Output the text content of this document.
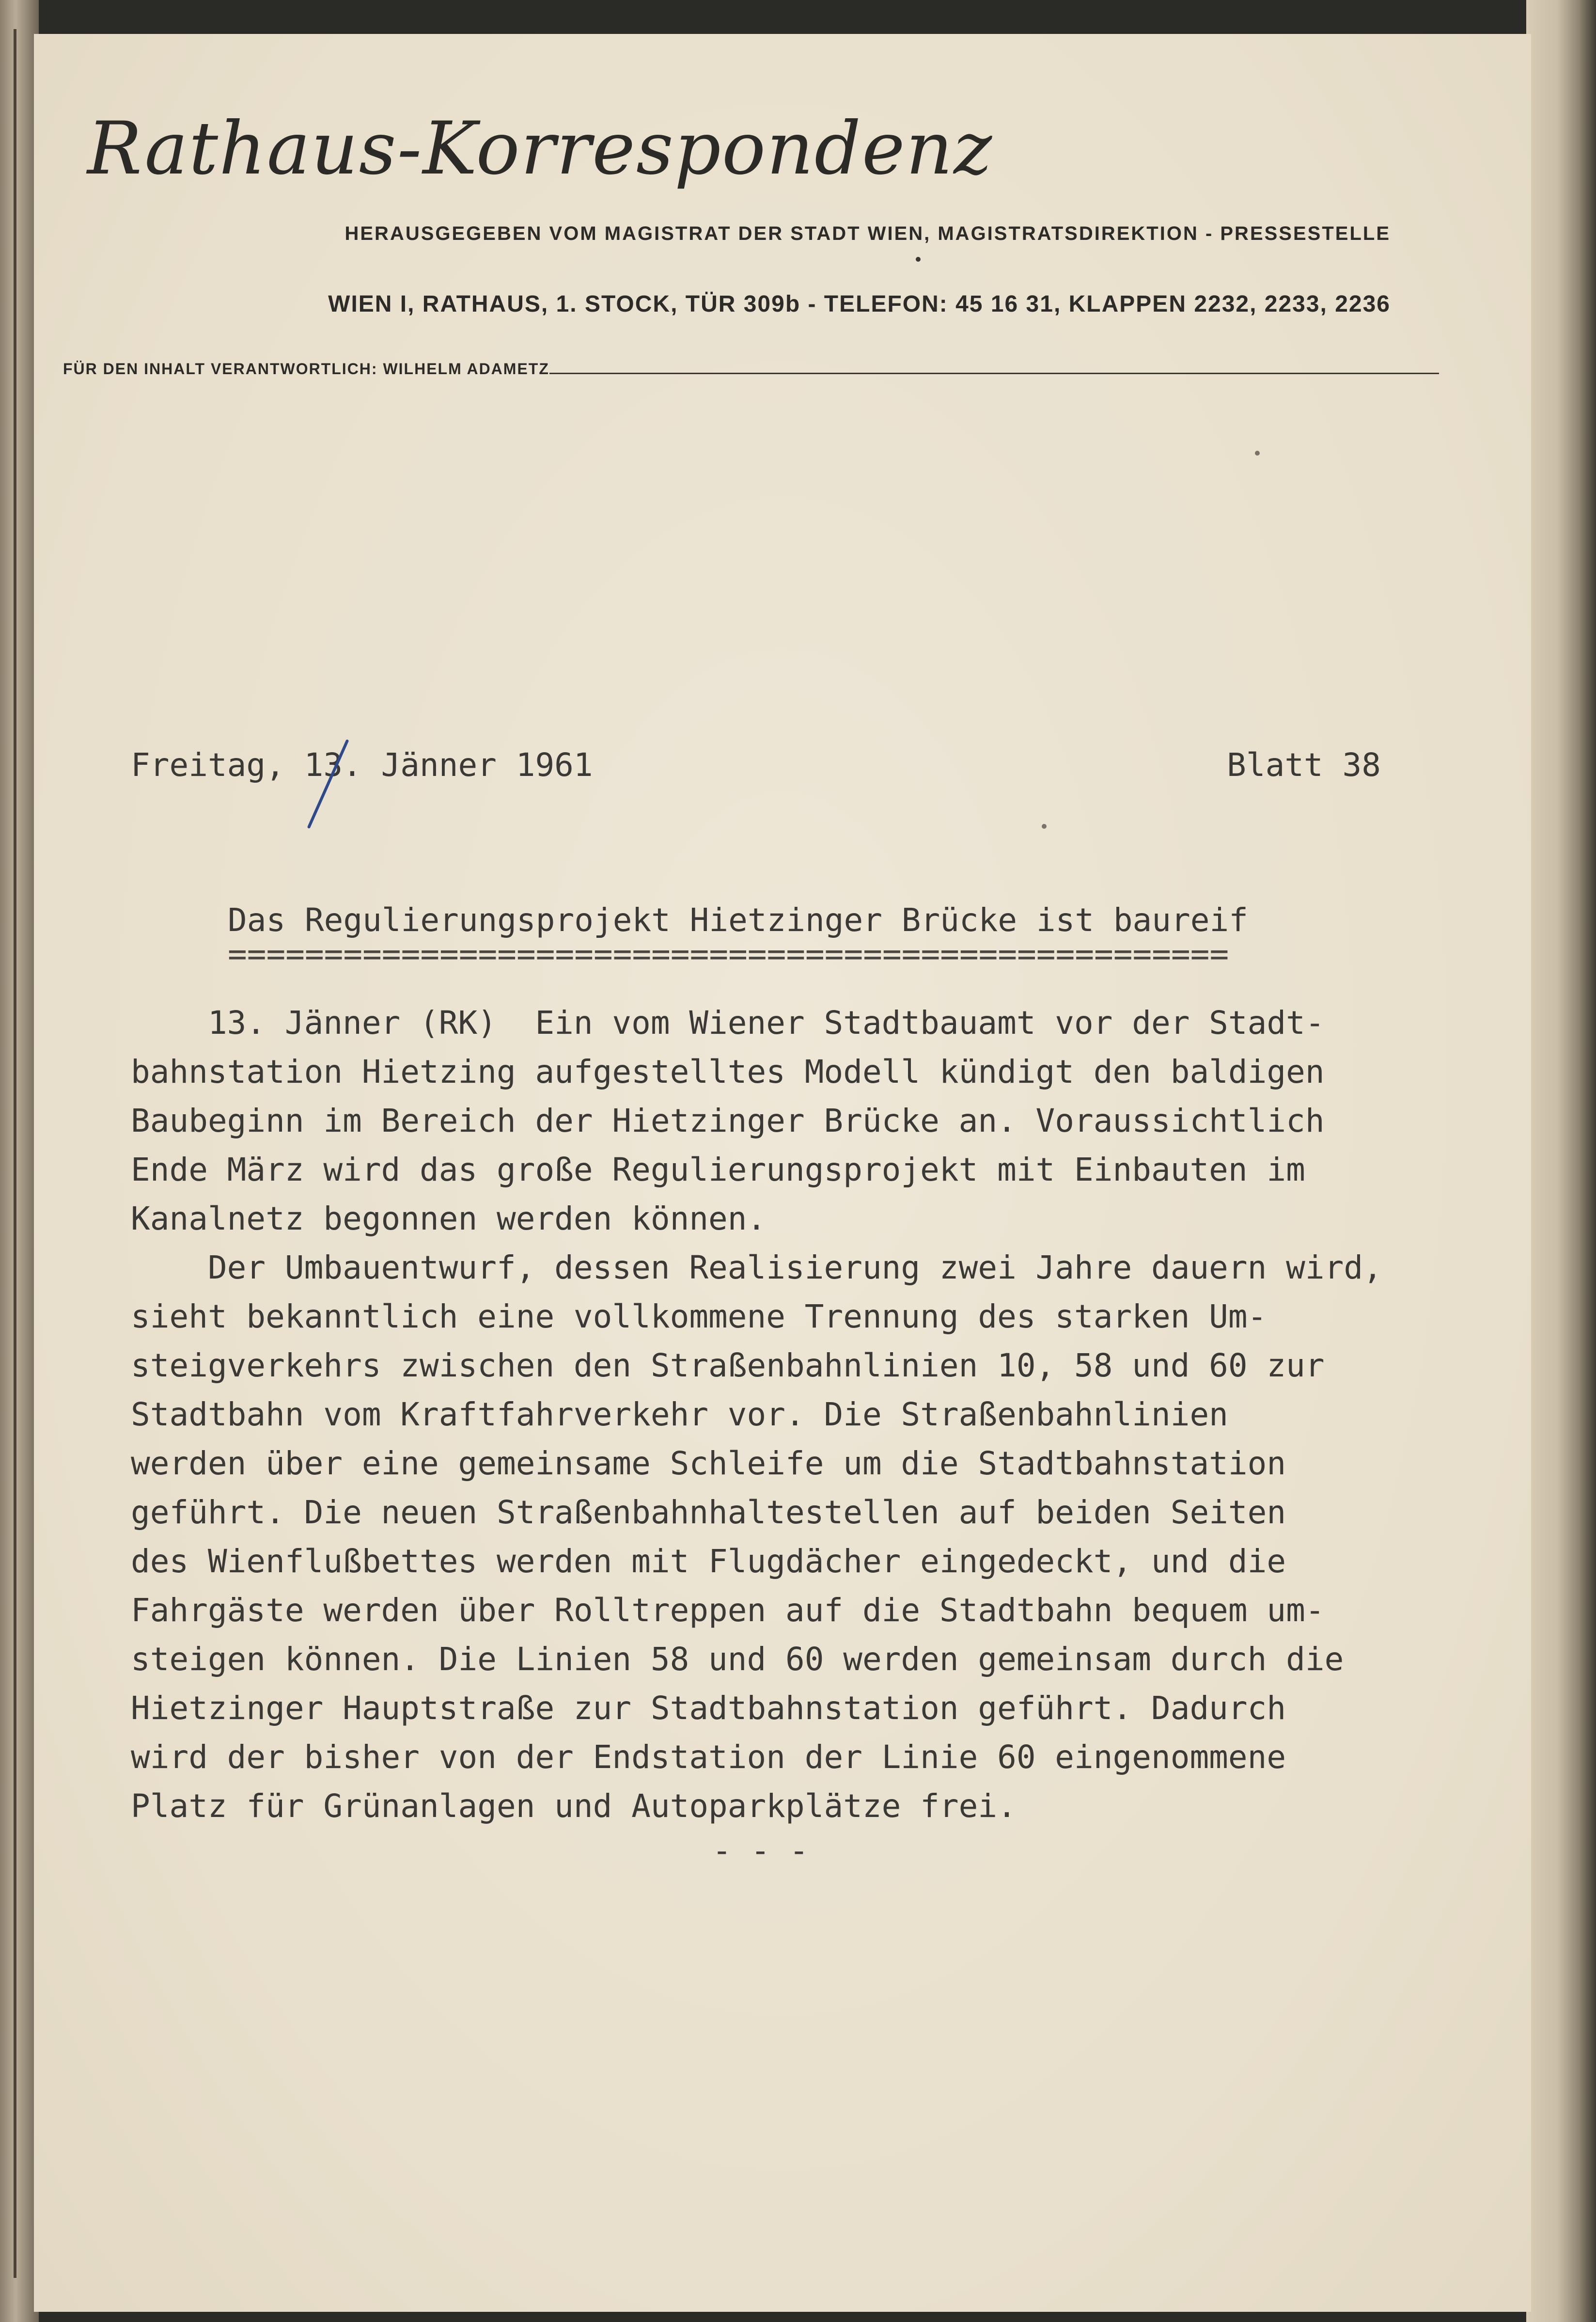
Rathaus-Korrespondenz
HERAUSGEGEBEN VOM MAGISTRAT DER STADT WIEN, MAGISTRATSDIREKTION - PRESSESTELLE
WIEN I, RATHAUS, 1. STOCK, TÜR 309b - TELEFON: 45 16 31, KLAPPEN 2232, 2233, 2236
FÜR DEN INHALT VERANTWORTLICH: WILHELM ADAMETZ
Freitag, 13. Jänner 1961	Blatt 38
Das Regulierungsprojekt Hietzinger Brücke ist baureif
====================================================
13. Jänner (RK)  Ein vom Wiener Stadtbauamt vor der Stadt-
bahnstation Hietzing aufgestelltes Modell kündigt den baldigen
Baubeginn im Bereich der Hietzinger Brücke an. Voraussichtlich
Ende März wird das große Regulierungsprojekt mit Einbauten im
Kanalnetz begonnen werden können.
Der Umbauentwurf, dessen Realisierung zwei Jahre dauern wird,
sieht bekanntlich eine vollkommene Trennung des starken Um-
steigverkehrs zwischen den Straßenbahnlinien 10, 58 und 60 zur
Stadtbahn vom Kraftfahrverkehr vor. Die Straßenbahnlinien
werden über eine gemeinsame Schleife um die Stadtbahnstation
geführt. Die neuen Straßenbahnhaltestellen auf beiden Seiten
des Wienflußbettes werden mit Flugdächer eingedeckt, und die
Fahrgäste werden über Rolltreppen auf die Stadtbahn bequem um-
steigen können. Die Linien 58 und 60 werden gemeinsam durch die
Hietzinger Hauptstraße zur Stadtbahnstation geführt. Dadurch
wird der bisher von der Endstation der Linie 60 eingenommene
Platz für Grünanlagen und Autoparkplätze frei.
- - -
